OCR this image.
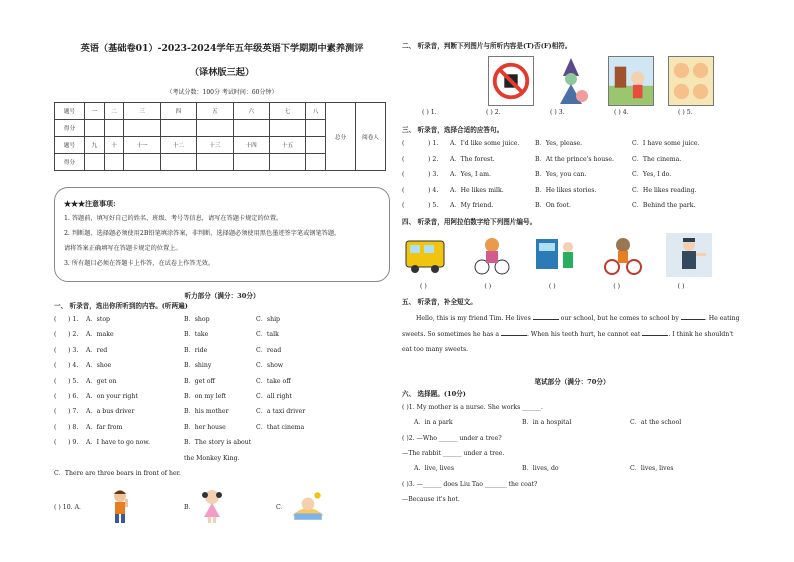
英语（基础卷01）-2023-2024学年五年级英语下学期期中素养测评
（译林版三起）
（考试分数：100分 考试时间：60分钟）
题号	一	二	三	四	五	六	七	八	总分	阅卷人
得分										
题号	九	十	十一	十二	十三	十四	十五			
得分										
★★★注意事项:
1. 答题前，填写好自己的姓名、班级、考号等信息，请写在答题卡规定的位置。
2. 判断题、选择题必须使用2B铅笔填涂答案，非判断、选择题必须使用黑色墨迹签字笔或钢笔答题，
请将答案正确填写在答题卡规定的位置上。
3. 所有题目必须在答题卡上作答，在试卷上作答无效。
听力部分（满分：30分）
一、 听录音，选出你所听到的内容。(听两遍)
(	) 1.	A．stop	B．shop	C．ship
(	) 2.	A．make	B．take	C．talk
(	) 3.	A．red	B．ride	C．read
(	) 4.	A．shoe	B．shiny	C．show
(	) 5.	A．get on	B．get off	C．take off
(	) 6.	A．on your right	B．on my left	C．all right
(	) 7.	A．a bus driver	B．his mother	C．a taxi driver
(	) 8.	A．far from	B．her house	C．that cinema
(	) 9.	A．I have to go now.	B．The story is about the Monkey King.
C．There are three bears in front of her.
( ) 10. A．	B．	C．
二、 听录音，判断下列图片与所听内容是(T)否(F)相符。
( ) 1.	( ) 2.	( ) 3.	( ) 4.	( ) 5.
三、 听录音，选择合适的应答句。
(	) 1.	A．I'd like some juice.	B．Yes, please.	C．I have some juice.
(	) 2.	A．The forest.	B．At the prince's house.	C．The cinema.
(	) 3.	A．Yes, I am.	B．Yes, you can.	C．Yes, I do.
(	) 4.	A．He likes milk.	B．He likes stories.	C．He likes reading.
(	) 5.	A．My friend.	B．On foot.	C．Behind the park.
四、 听录音，用阿拉伯数字给下列图片编号。
( )	( )	( )	( )	( )
五、 听录音，补全短文。
Hello, this is my friend Tim. He lives	our school, but he comes to school by	. He eating sweets. So sometimes he has a	. When his teeth hurt, he cannot eat	. I think he shouldn't eat too many sweets.
笔试部分（满分：70分）
六、 选择题。(10分)
( )1. My mother is a nurse. She works ______.
A．in a park	B．in a hospital	C．at the school
( )2. —Who ______ under a tree?
—The rabbit ______ under a tree.
A．live, lives	B．lives, do	C．lives, lives
( )3. —______ does Liu Tao _______ the coat?
—Because it's hot.
